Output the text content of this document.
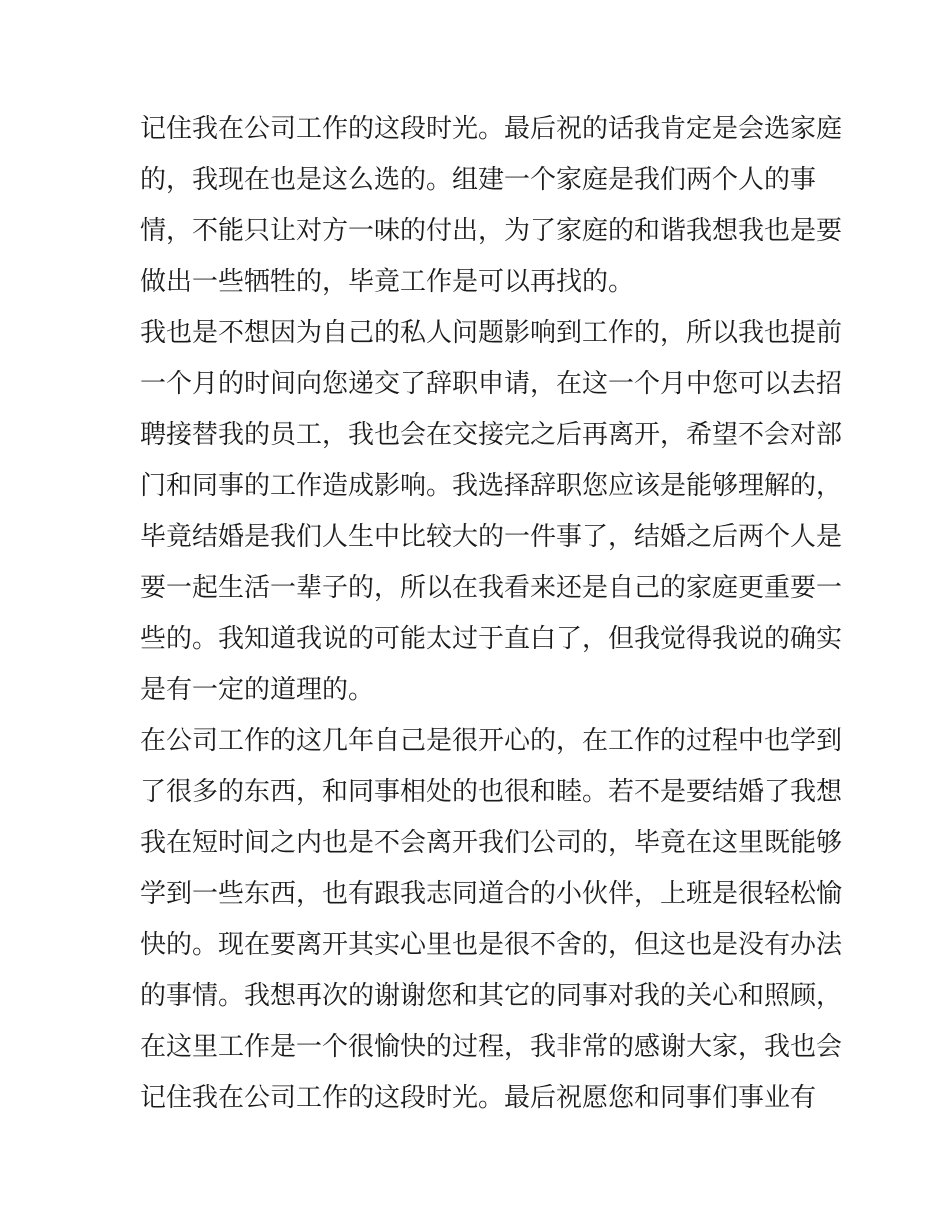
记住我在公司工作的这段时光。最后祝的话我肯定是会选家庭
的，我现在也是这么选的。组建一个家庭是我们两个人的事
情，不能只让对方一味的付出，为了家庭的和谐我想我也是要
做出一些牺牲的，毕竟工作是可以再找的。
我也是不想因为自己的私人问题影响到工作的，所以我也提前
一个月的时间向您递交了辞职申请，在这一个月中您可以去招
聘接替我的员工，我也会在交接完之后再离开，希望不会对部
门和同事的工作造成影响。我选择辞职您应该是能够理解的，
毕竟结婚是我们人生中比较大的一件事了，结婚之后两个人是
要一起生活一辈子的，所以在我看来还是自己的家庭更重要一
些的。我知道我说的可能太过于直白了，但我觉得我说的确实
是有一定的道理的。
在公司工作的这几年自己是很开心的，在工作的过程中也学到
了很多的东西，和同事相处的也很和睦。若不是要结婚了我想
我在短时间之内也是不会离开我们公司的，毕竟在这里既能够
学到一些东西，也有跟我志同道合的小伙伴，上班是很轻松愉
快的。现在要离开其实心里也是很不舍的，但这也是没有办法
的事情。我想再次的谢谢您和其它的同事对我的关心和照顾，
在这里工作是一个很愉快的过程，我非常的感谢大家，我也会
记住我在公司工作的这段时光。最后祝愿您和同事们事业有
